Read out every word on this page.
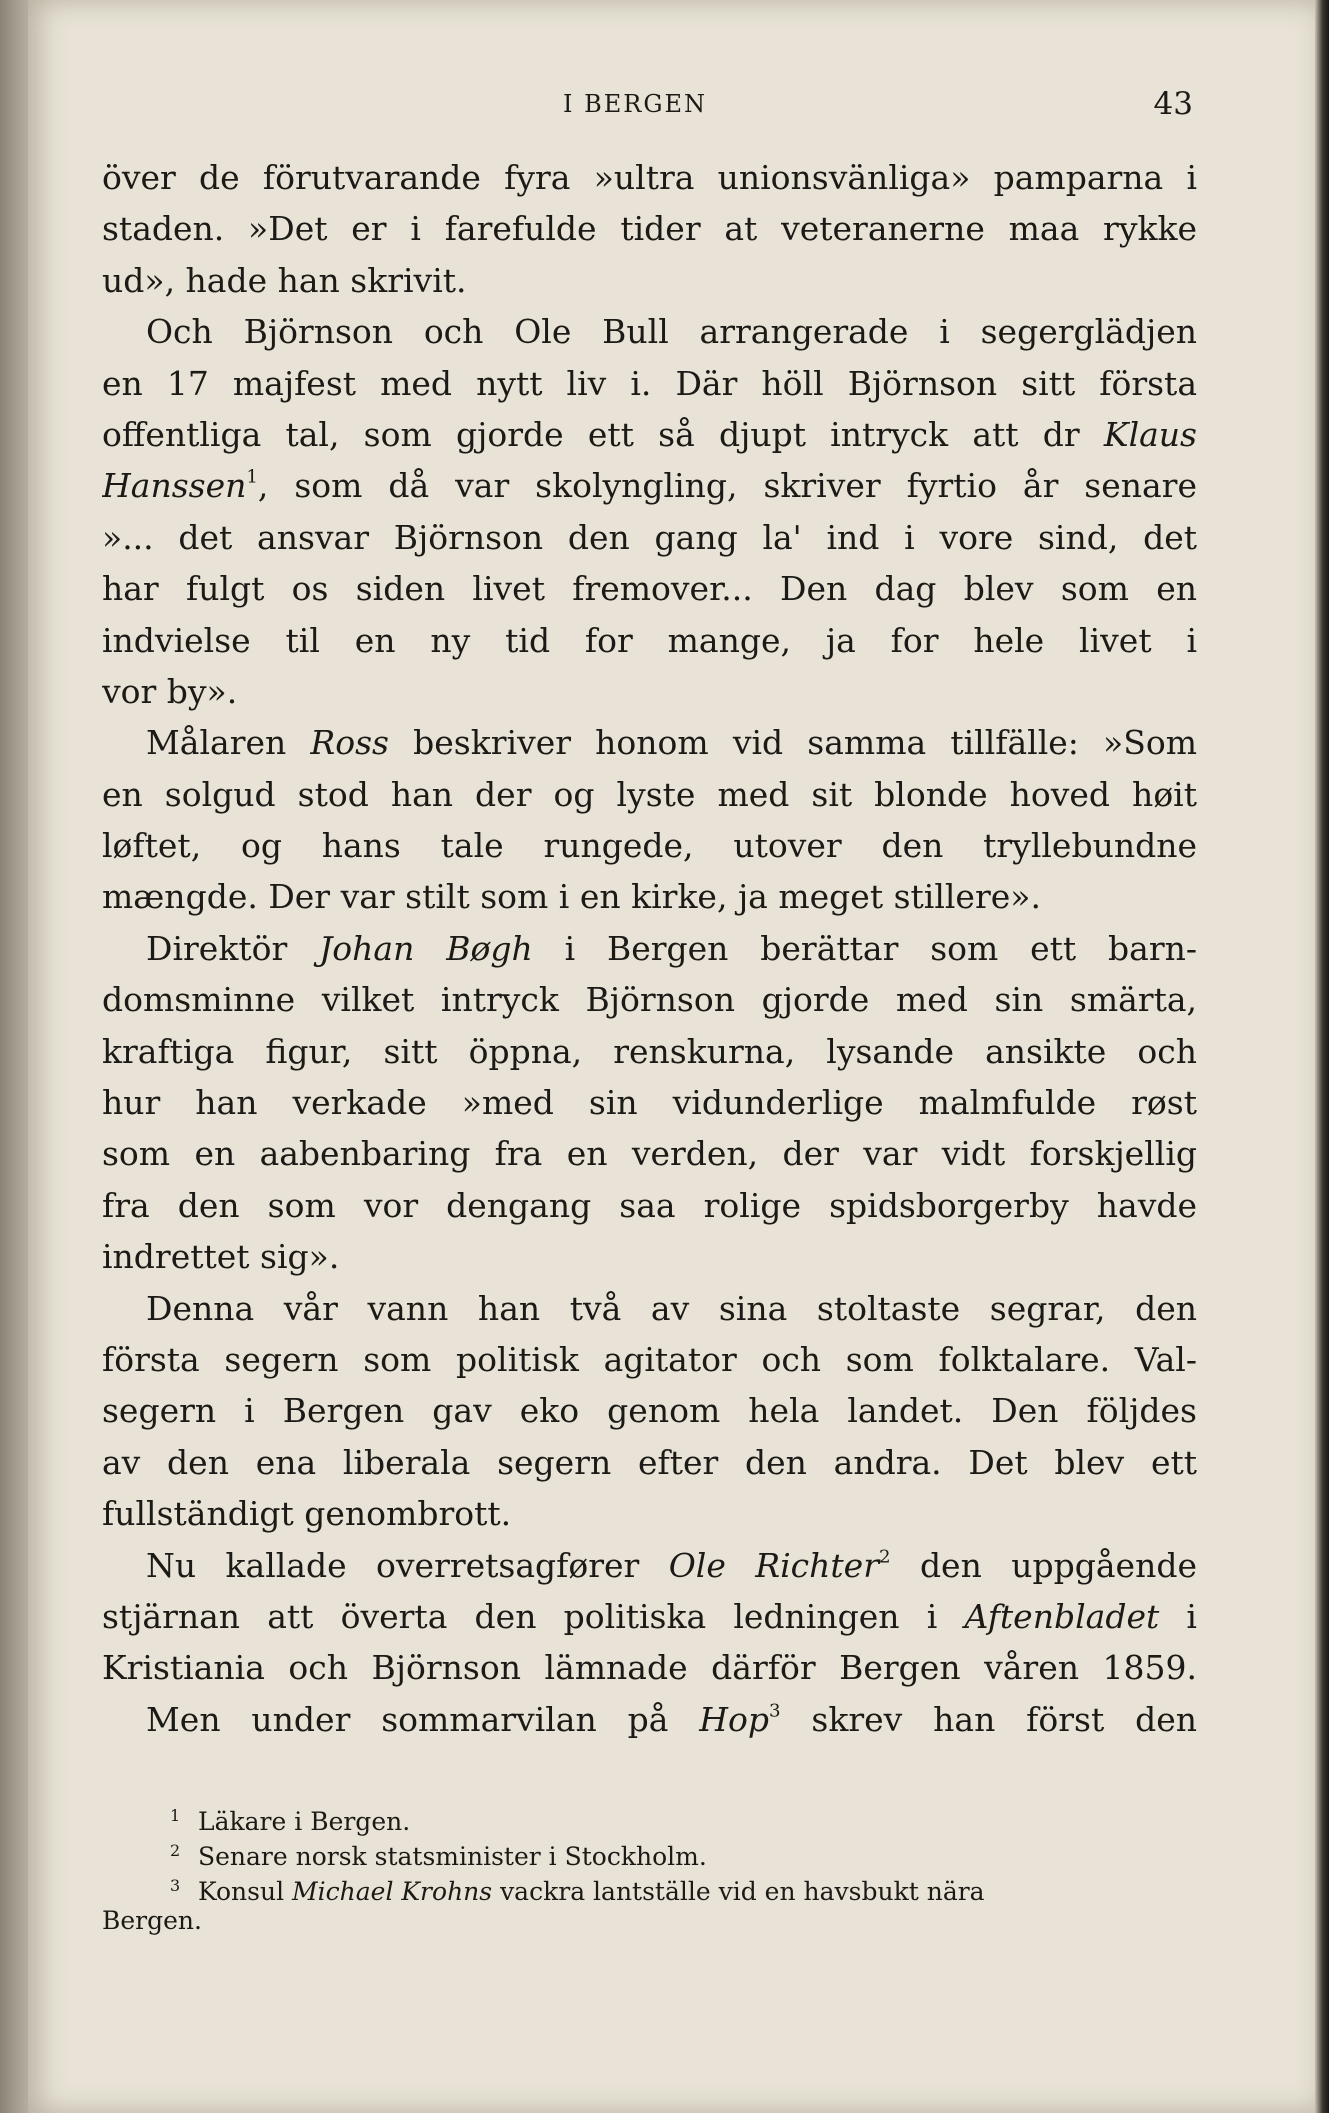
I BERGEN	43
över de förutvarande fyra »ultra unionsvänliga» pamparna i
staden. »Det er i farefulde tider at veteranerne maa rykke
ud», hade han skrivit.
Och Björnson och Ole Bull arrangerade i segerglädjen
en 17 majfest med nytt liv i. Där höll Björnson sitt första
offentliga tal, som gjorde ett så djupt intryck att dr Klaus
Hanssen$^1$, som då var skolyngling, skriver fyrtio år senare
»... det ansvar Björnson den gang la' ind i vore sind, det
har fulgt os siden livet fremover... Den dag blev som en
indvielse til en ny tid for mange, ja for hele livet i
vor by».
Målaren Ross beskriver honom vid samma tillfälle: »Som
en solgud stod han der og lyste med sit blonde hoved høit
løftet, og hans tale rungede, utover den tryllebundne
mængde. Der var stilt som i en kirke, ja meget stillere».
Direktör Johan Bøgh i Bergen berättar som ett barn-
domsminne vilket intryck Björnson gjorde med sin smärta,
kraftiga figur, sitt öppna, renskurna, lysande ansikte och
hur han verkade »med sin vidunderlige malmfulde røst
som en aabenbaring fra en verden, der var vidt forskjellig
fra den som vor dengang saa rolige spidsborgerby havde
indrettet sig».
Denna vår vann han två av sina stoltaste segrar, den
första segern som politisk agitator och som folktalare. Val-
segern i Bergen gav eko genom hela landet. Den följdes
av den ena liberala segern efter den andra. Det blev ett
fullständigt genombrott.
Nu kallade overretsagfører Ole Richter$^2$ den uppgående
stjärnan att överta den politiska ledningen i Aftenbladet i
Kristiania och Björnson lämnade därför Bergen våren 1859.
Men under sommarvilan på Hop$^3$ skrev han först den
1 Läkare i Bergen.
2 Senare norsk statsminister i Stockholm.
3 Konsul Michael Krohns vackra lantställe vid en havsbukt nära
Bergen.
